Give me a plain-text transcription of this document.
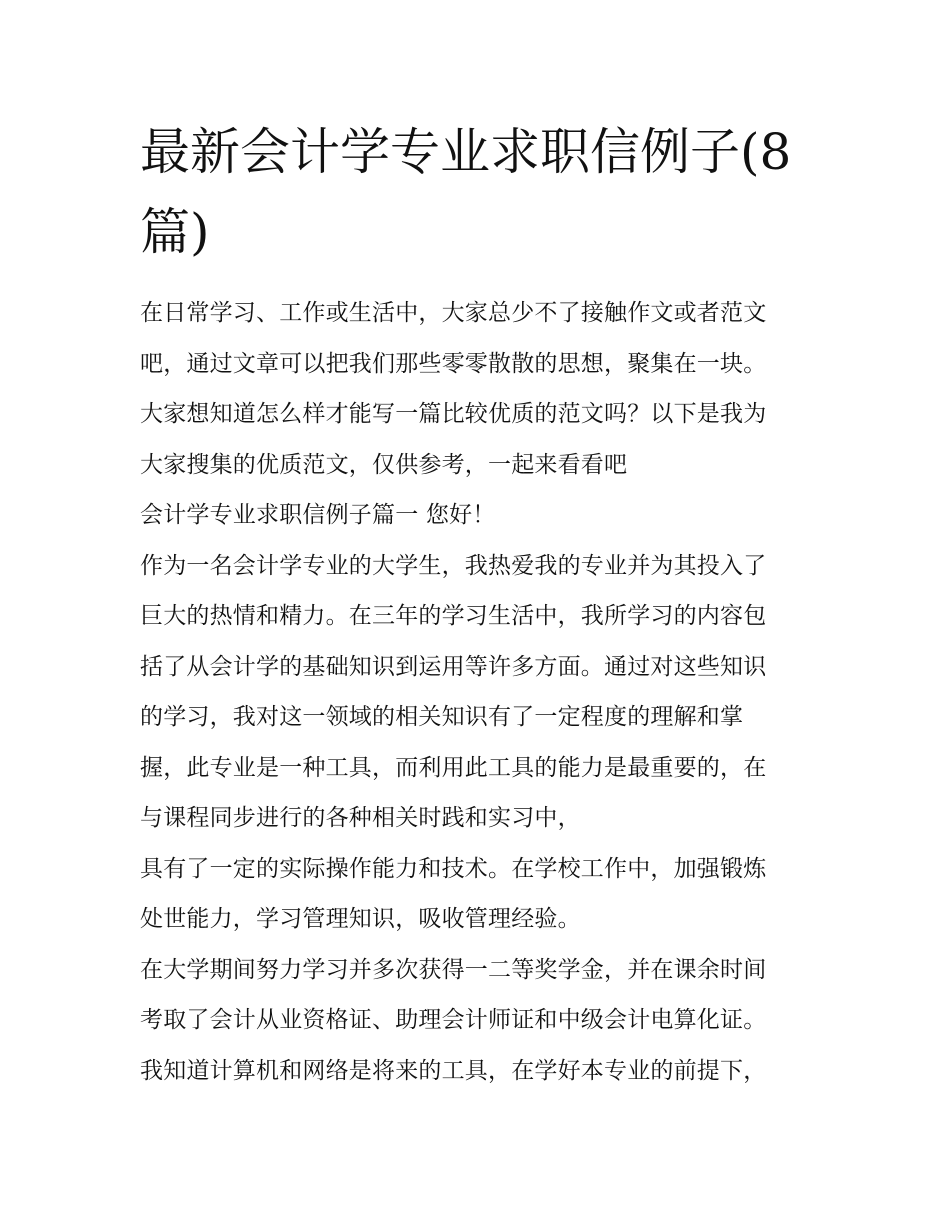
最新会计学专业求职信例子(8
篇)

在日常学习、工作或生活中，大家总少不了接触作文或者范文
吧，通过文章可以把我们那些零零散散的思想，聚集在一块。
大家想知道怎么样才能写一篇比较优质的范文吗？以下是我为
大家搜集的优质范文，仅供参考，一起来看看吧

会计学专业求职信例子篇一 您好！

作为一名会计学专业的大学生，我热爱我的专业并为其投入了
巨大的热情和精力。在三年的学习生活中，我所学习的内容包
括了从会计学的基础知识到运用等许多方面。通过对这些知识
的学习，我对这一领域的相关知识有了一定程度的理解和掌
握，此专业是一种工具，而利用此工具的能力是最重要的，在
与课程同步进行的各种相关时践和实习中，

具有了一定的实际操作能力和技术。在学校工作中，加强锻炼
处世能力，学习管理知识，吸收管理经验。

在大学期间努力学习并多次获得一二等奖学金，并在课余时间
考取了会计从业资格证、助理会计师证和中级会计电算化证。
我知道计算机和网络是将来的工具，在学好本专业的前提下，
